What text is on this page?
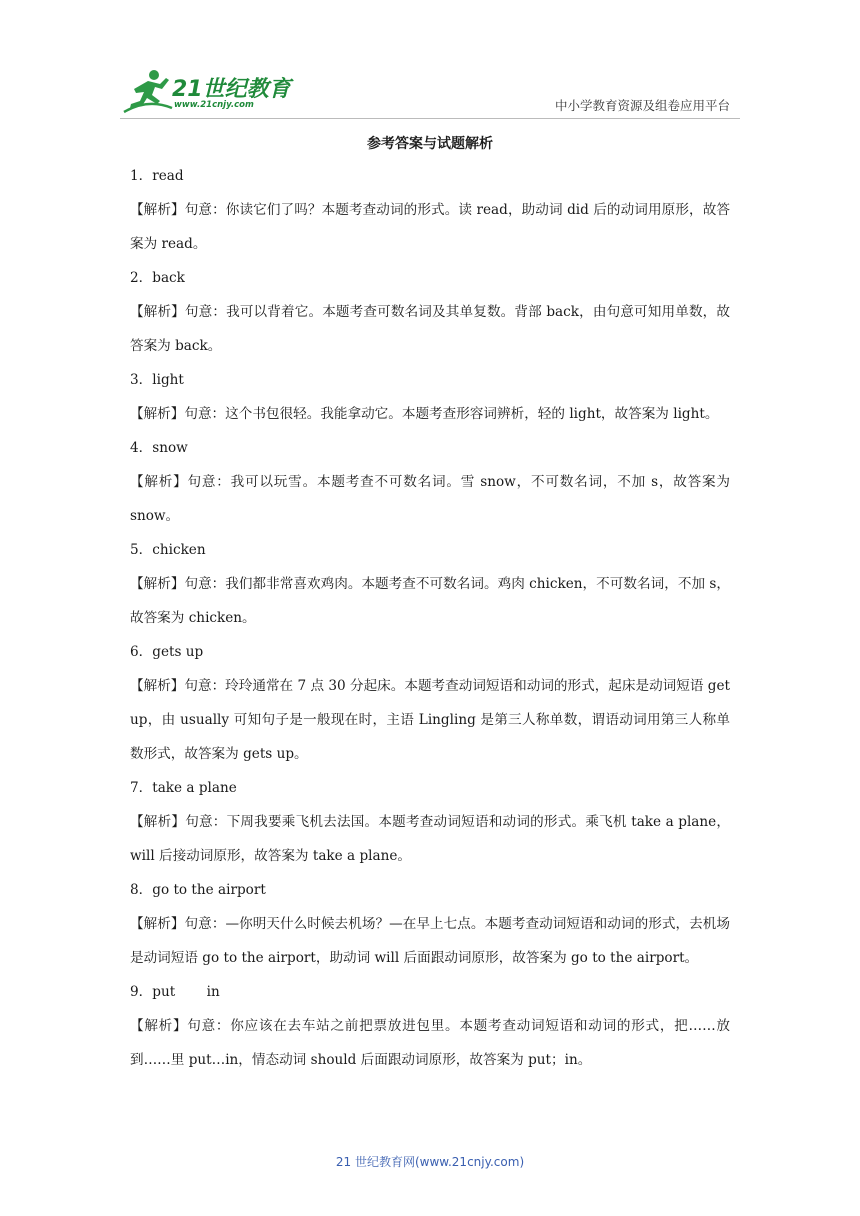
21世纪教育
www.21cnjy.com	中小学教育资源及组卷应用平台
参考答案与试题解析
1．read
【解析】句意：你读它们了吗？本题考查动词的形式。读 read，助动词 did 后的动词用原形，故答案为 read。
2．back
【解析】句意：我可以背着它。本题考查可数名词及其单复数。背部 back，由句意可知用单数，故答案为 back。
3．light
【解析】句意：这个书包很轻。我能拿动它。本题考查形容词辨析，轻的 light，故答案为 light。
4．snow
【解析】句意：我可以玩雪。本题考查不可数名词。雪 snow，不可数名词，不加 s，故答案为 snow。
5．chicken
【解析】句意：我们都非常喜欢鸡肉。本题考查不可数名词。鸡肉 chicken，不可数名词，不加 s，故答案为 chicken。
6．gets up
【解析】句意：玲玲通常在 7 点 30 分起床。本题考查动词短语和动词的形式，起床是动词短语 get up，由 usually 可知句子是一般现在时，主语 Lingling 是第三人称单数，谓语动词用第三人称单数形式，故答案为 gets up。
7．take a plane
【解析】句意：下周我要乘飞机去法国。本题考查动词短语和动词的形式。乘飞机 take a plane，will 后接动词原形，故答案为 take a plane。
8．go to the airport
【解析】句意：—你明天什么时候去机场？—在早上七点。本题考查动词短语和动词的形式，去机场是动词短语 go to the airport，助动词 will 后面跟动词原形，故答案为 go to the airport。
9．put　　 in
【解析】句意：你应该在去车站之前把票放进包里。本题考查动词短语和动词的形式，把……放到……里 put…in，情态动词 should 后面跟动词原形，故答案为 put；in。
21 世纪教育网(www.21cnjy.com)
